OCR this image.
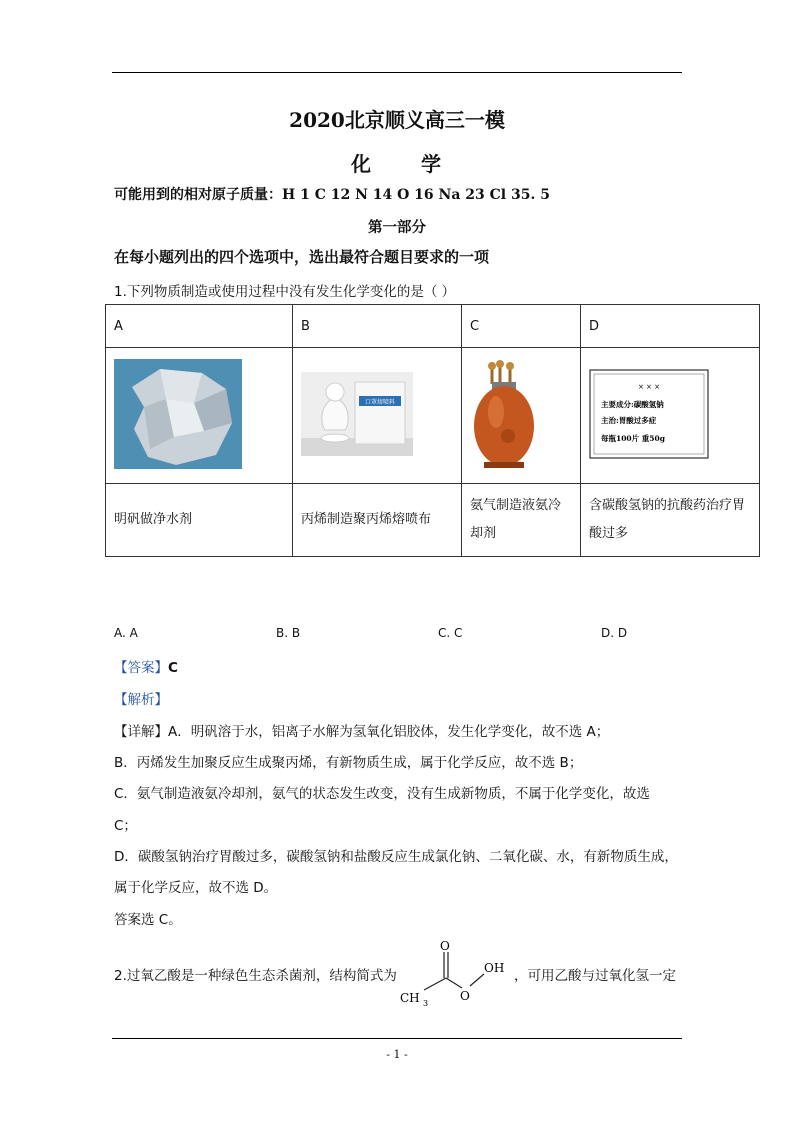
2020北京顺义高三一模
化 学
可能用到的相对原子质量：H 1 C 12 N 14 O 16 Na 23 Cl 35. 5
第一部分
在每小题列出的四个选项中，选出最符合题目要求的一项
1.下列物质制造或使用过程中没有发生化学变化的是（ ）
A	B	C	D

口罩熔喷料		× × ×
主要成分:碳酸氢钠
主治:胃酸过多症
每瓶100片 重50g

明矾做净水剂	丙烯制造聚丙烯熔喷布	氨气制造液氨冷却剂	含碳酸氢钠的抗酸药治疗胃酸过多
A. A	B. B	C. C	D. D
【答案】C
【解析】
【详解】A．明矾溶于水，铝离子水解为氢氧化铝胶体，发生化学变化，故不选 A；
B．丙烯发生加聚反应生成聚丙烯，有新物质生成，属于化学反应，故不选 B；
C．氨气制造液氨冷却剂，氨气的状态发生改变，没有生成新物质，不属于化学变化，故选
C；
D．碳酸氢钠治疗胃酸过多，碳酸氢钠和盐酸反应生成氯化钠、二氧化碳、水，有新物质生成，
属于化学反应，故不选 D。
答案选 C。
2.过氧乙酸是一种绿色生态杀菌剂，结构简式为
O
O
OH
CH 3
，可用乙酸与过氧化氢一定
- 1 -
